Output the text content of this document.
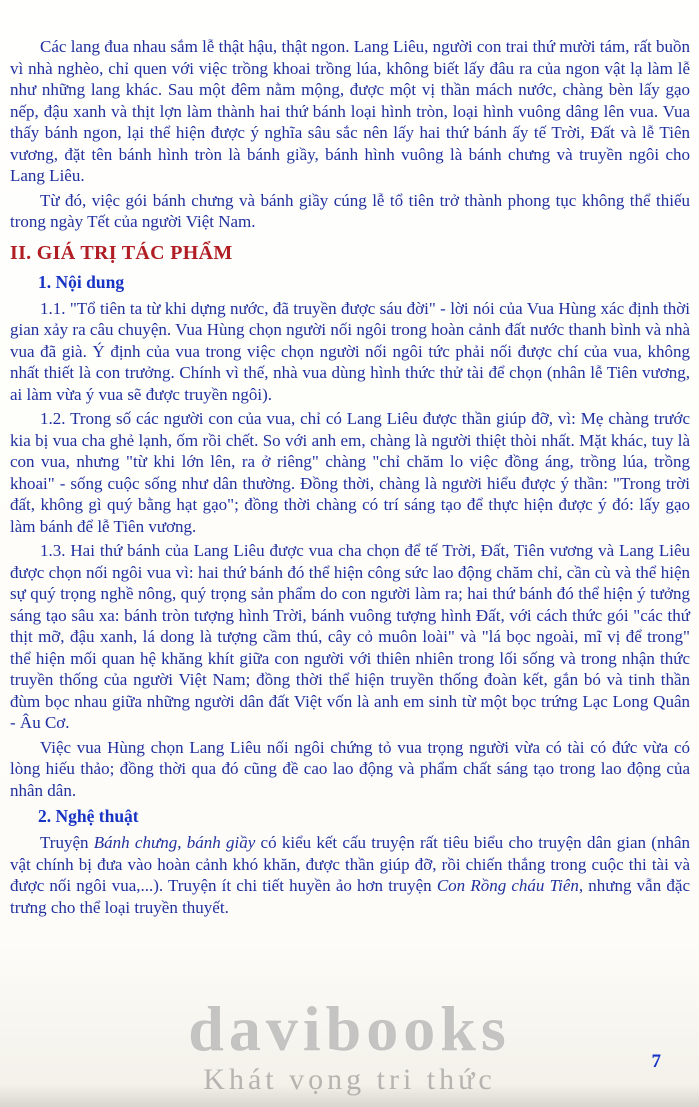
Các lang đua nhau sắm lễ thật hậu, thật ngon. Lang Liêu, người con trai thứ mười tám, rất buồn vì nhà nghèo, chỉ quen với việc trồng khoai trồng lúa, không biết lấy đâu ra của ngon vật lạ làm lễ như những lang khác. Sau một đêm nằm mộng, được một vị thần mách nước, chàng bèn lấy gạo nếp, đậu xanh và thịt lợn làm thành hai thứ bánh loại hình tròn, loại hình vuông dâng lên vua. Vua thấy bánh ngon, lại thể hiện được ý nghĩa sâu sắc nên lấy hai thứ bánh ấy tế Trời, Đất và lễ Tiên vương, đặt tên bánh hình tròn là bánh giầy, bánh hình vuông là bánh chưng và truyền ngôi cho Lang Liêu.

Từ đó, việc gói bánh chưng và bánh giầy cúng lễ tổ tiên trở thành phong tục không thể thiếu trong ngày Tết của người Việt Nam.

II. GIÁ TRỊ TÁC PHẨM
1. Nội dung

1.1. "Tổ tiên ta từ khi dựng nước, đã truyền được sáu đời" - lời nói của Vua Hùng xác định thời gian xảy ra câu chuyện. Vua Hùng chọn người nối ngôi trong hoàn cảnh đất nước thanh bình và nhà vua đã già. Ý định của vua trong việc chọn người nối ngôi tức phải nối được chí của vua, không nhất thiết là con trưởng. Chính vì thế, nhà vua dùng hình thức thử tài để chọn (nhân lễ Tiên vương, ai làm vừa ý vua sẽ được truyền ngôi).

1.2. Trong số các người con của vua, chỉ có Lang Liêu được thần giúp đỡ, vì: Mẹ chàng trước kia bị vua cha ghẻ lạnh, ốm rồi chết. So với anh em, chàng là người thiệt thòi nhất. Mặt khác, tuy là con vua, nhưng "từ khi lớn lên, ra ở riêng" chàng "chỉ chăm lo việc đồng áng, trồng lúa, trồng khoai" - sống cuộc sống như dân thường. Đồng thời, chàng là người hiểu được ý thần: "Trong trời đất, không gì quý bằng hạt gạo"; đồng thời chàng có trí sáng tạo để thực hiện được ý đó: lấy gạo làm bánh để lễ Tiên vương.

1.3. Hai thứ bánh của Lang Liêu được vua cha chọn để tế Trời, Đất, Tiên vương và Lang Liêu được chọn nối ngôi vua vì: hai thứ bánh đó thể hiện công sức lao động chăm chỉ, cần cù và thể hiện sự quý trọng nghề nông, quý trọng sản phẩm do con người làm ra; hai thứ bánh đó thể hiện ý tưởng sáng tạo sâu xa: bánh tròn tượng hình Trời, bánh vuông tượng hình Đất, với cách thức gói "các thứ thịt mỡ, đậu xanh, lá dong là tượng cầm thú, cây cỏ muôn loài" và "lá bọc ngoài, mĩ vị để trong" thể hiện mối quan hệ khăng khít giữa con người với thiên nhiên trong lối sống và trong nhận thức truyền thống của người Việt Nam; đồng thời thể hiện truyền thống đoàn kết, gắn bó và tinh thần đùm bọc nhau giữa những người dân đất Việt vốn là anh em sinh từ một bọc trứng Lạc Long Quân - Âu Cơ.

Việc vua Hùng chọn Lang Liêu nối ngôi chứng tỏ vua trọng người vừa có tài có đức vừa có lòng hiếu thảo; đồng thời qua đó cũng đề cao lao động và phẩm chất sáng tạo trong lao động của nhân dân.

2. Nghệ thuật

Truyện Bánh chưng, bánh giầy có kiểu kết cấu truyện rất tiêu biểu cho truyện dân gian (nhân vật chính bị đưa vào hoàn cảnh khó khăn, được thần giúp đỡ, rồi chiến thắng trong cuộc thi tài và được nối ngôi vua,...). Truyện ít chi tiết huyền ảo hơn truyện Con Rồng cháu Tiên, nhưng vẫn đặc trưng cho thể loại truyền thuyết.

davibooks
Khát vọng tri thức
7
